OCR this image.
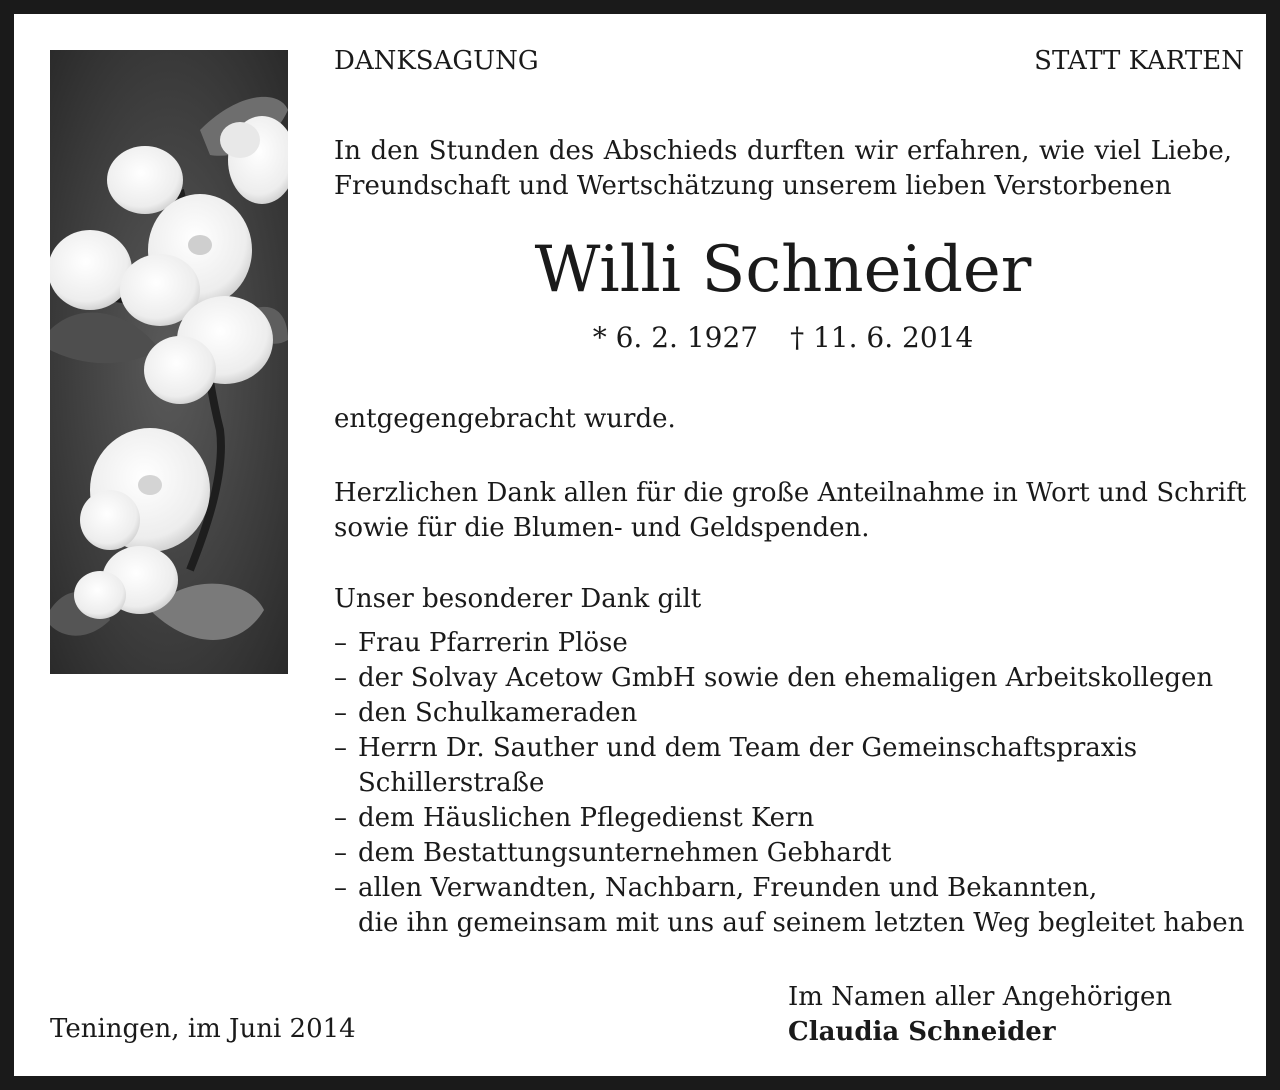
DANKSAGUNG	STATT KARTEN
In den Stunden des Abschieds durften wir erfahren, wie viel Liebe, Freundschaft und Wertschätzung unserem lieben Verstorbenen
Willi Schneider
* 6. 2. 1927 † 11. 6. 2014
entgegengebracht wurde.
Herzlichen Dank allen für die große Anteilnahme in Wort und Schrift
sowie für die Blumen- und Geldspenden.
Unser besonderer Dank gilt
– Frau Pfarrerin Plöse
– der Solvay Acetow GmbH sowie den ehemaligen Arbeitskollegen
– den Schulkameraden
– Herrn Dr. Sauther und dem Team der Gemeinschaftspraxis
Schillerstraße
– dem Häuslichen Pflegedienst Kern
– dem Bestattungsunternehmen Gebhardt
– allen Verwandten, Nachbarn, Freunden und Bekannten,
die ihn gemeinsam mit uns auf seinem letzten Weg begleitet haben
Teningen, im Juni 2014
Im Namen aller Angehörigen
Claudia Schneider
